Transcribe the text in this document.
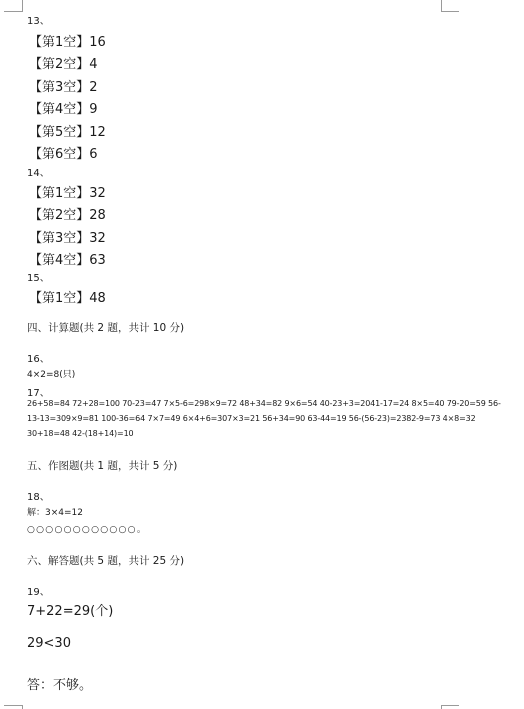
13、
【第1空】16
【第2空】4
【第3空】2
【第4空】9
【第5空】12
【第6空】6
14、
【第1空】32
【第2空】28
【第3空】32
【第4空】63
15、
【第1空】48
四、计算题(共 2 题，共计 10 分)
16、
4×2=8(只)
17、
26+58=84 72+28=100 70-23=47 7×5-6=298×9=72 48+34=82 9×6=54 40-23+3=2041-17=24 8×5=40 79-20=59 56-
13-13=309×9=81 100-36=64 7×7=49 6×4+6=307×3=21 56+34=90 63-44=19 56-(56-23)=2382-9=73 4×8=32
30+18=48 42-(18+14)=10
五、作图题(共 1 题，共计 5 分)
18、
解：3×4=12
○○○○○○○○○○○○。
六、解答题(共 5 题，共计 25 分)
19、
7+22=29(个)
29<30
答：不够。
